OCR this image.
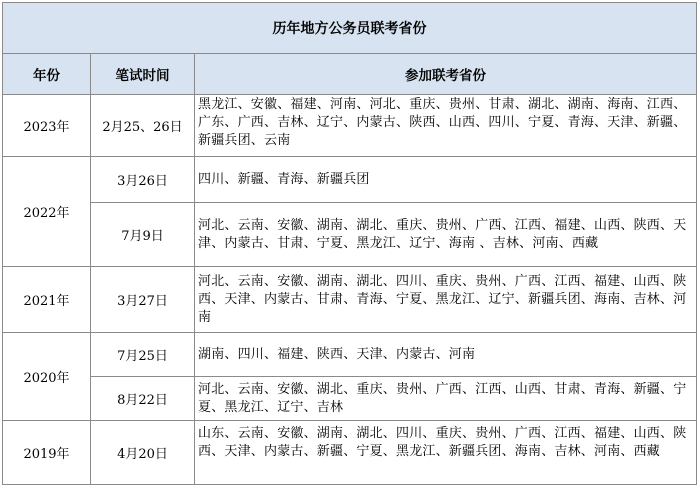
历年地方公务员联考省份		
年份	笔试时间	参加联考省份
2023年	2月25、26日	黑龙江、安徽、福建、河南、河北、重庆、贵州、甘肃、湖北、湖南、海南、江西、广东、广西、吉林、辽宁、内蒙古、陕西、山西、四川、宁夏、青海、天津、新疆、新疆兵团、云南
2022年	3月26日	四川、新疆、青海、新疆兵团
	7月9日	河北、云南、安徽、湖南、湖北、重庆、贵州、广西、江西、福建、山西、陕西、天津、内蒙古、甘肃、宁夏、黑龙江、辽宁、海南 、吉林、河南、西藏
2021年	3月27日	河北、云南、安徽、湖南、湖北、四川、重庆、贵州、广西、江西、福建、山西、陕西、天津、内蒙古、甘肃、青海、宁夏、黑龙江、辽宁、新疆兵团、海南、吉林、河南
2020年	7月25日	湖南、四川、福建、陕西、天津、内蒙古、河南
	8月22日	河北、云南、安徽、湖北、重庆、贵州、广西、江西、山西、甘肃、青海、新疆、宁夏、黑龙江、辽宁、吉林
2019年	4月20日	山东、云南、安徽、湖南、湖北、四川、重庆、贵州、广西、江西、福建、山西、陕西、天津、内蒙古、新疆、宁夏、黑龙江、新疆兵团、海南、吉林、河南、西藏
